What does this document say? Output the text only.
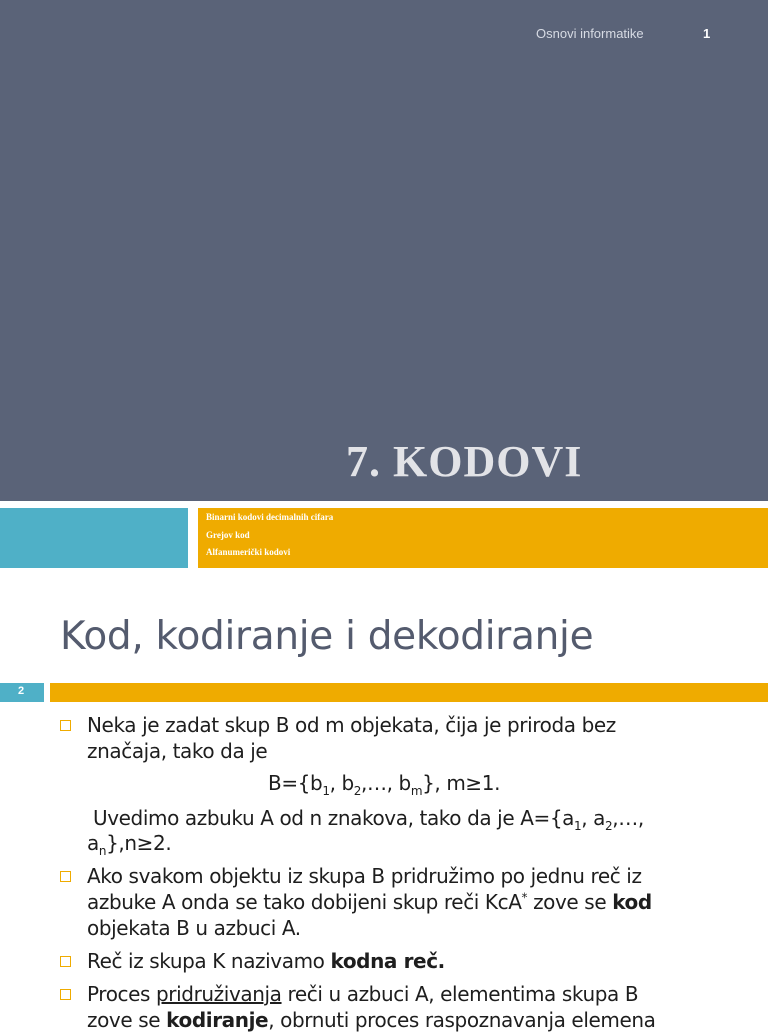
Osnovi informatike	1
7. KODOVI
Binarni kodovi decimalnih cifara
Grejov kod
Alfanumerički kodovi
Kod, kodiranje i dekodiranje
2
Neka je zadat skup B od m objekata, čija je priroda bez
značaja, tako da je
$B=\{b_1$, $b_2,\dots$, $b_m$}, m≥1.
Uvedimo azbuku A od n znakova, tako da je $A=\{a_1$, $a_2,\dots$,
$a_n\},n\ge 2$.
Ako svakom objektu iz skupa B pridružimo po jednu reč iz
azbuke A onda se tako dobijeni skup reči KcA* zove se kod
objekata B u azbuci A.
Reč iz skupa K nazivamo kodna reč.
Proces pridruživanja reči u azbuci A, elementima skupa B
zove se kodiranje, obrnuti proces raspoznavanja elemena
